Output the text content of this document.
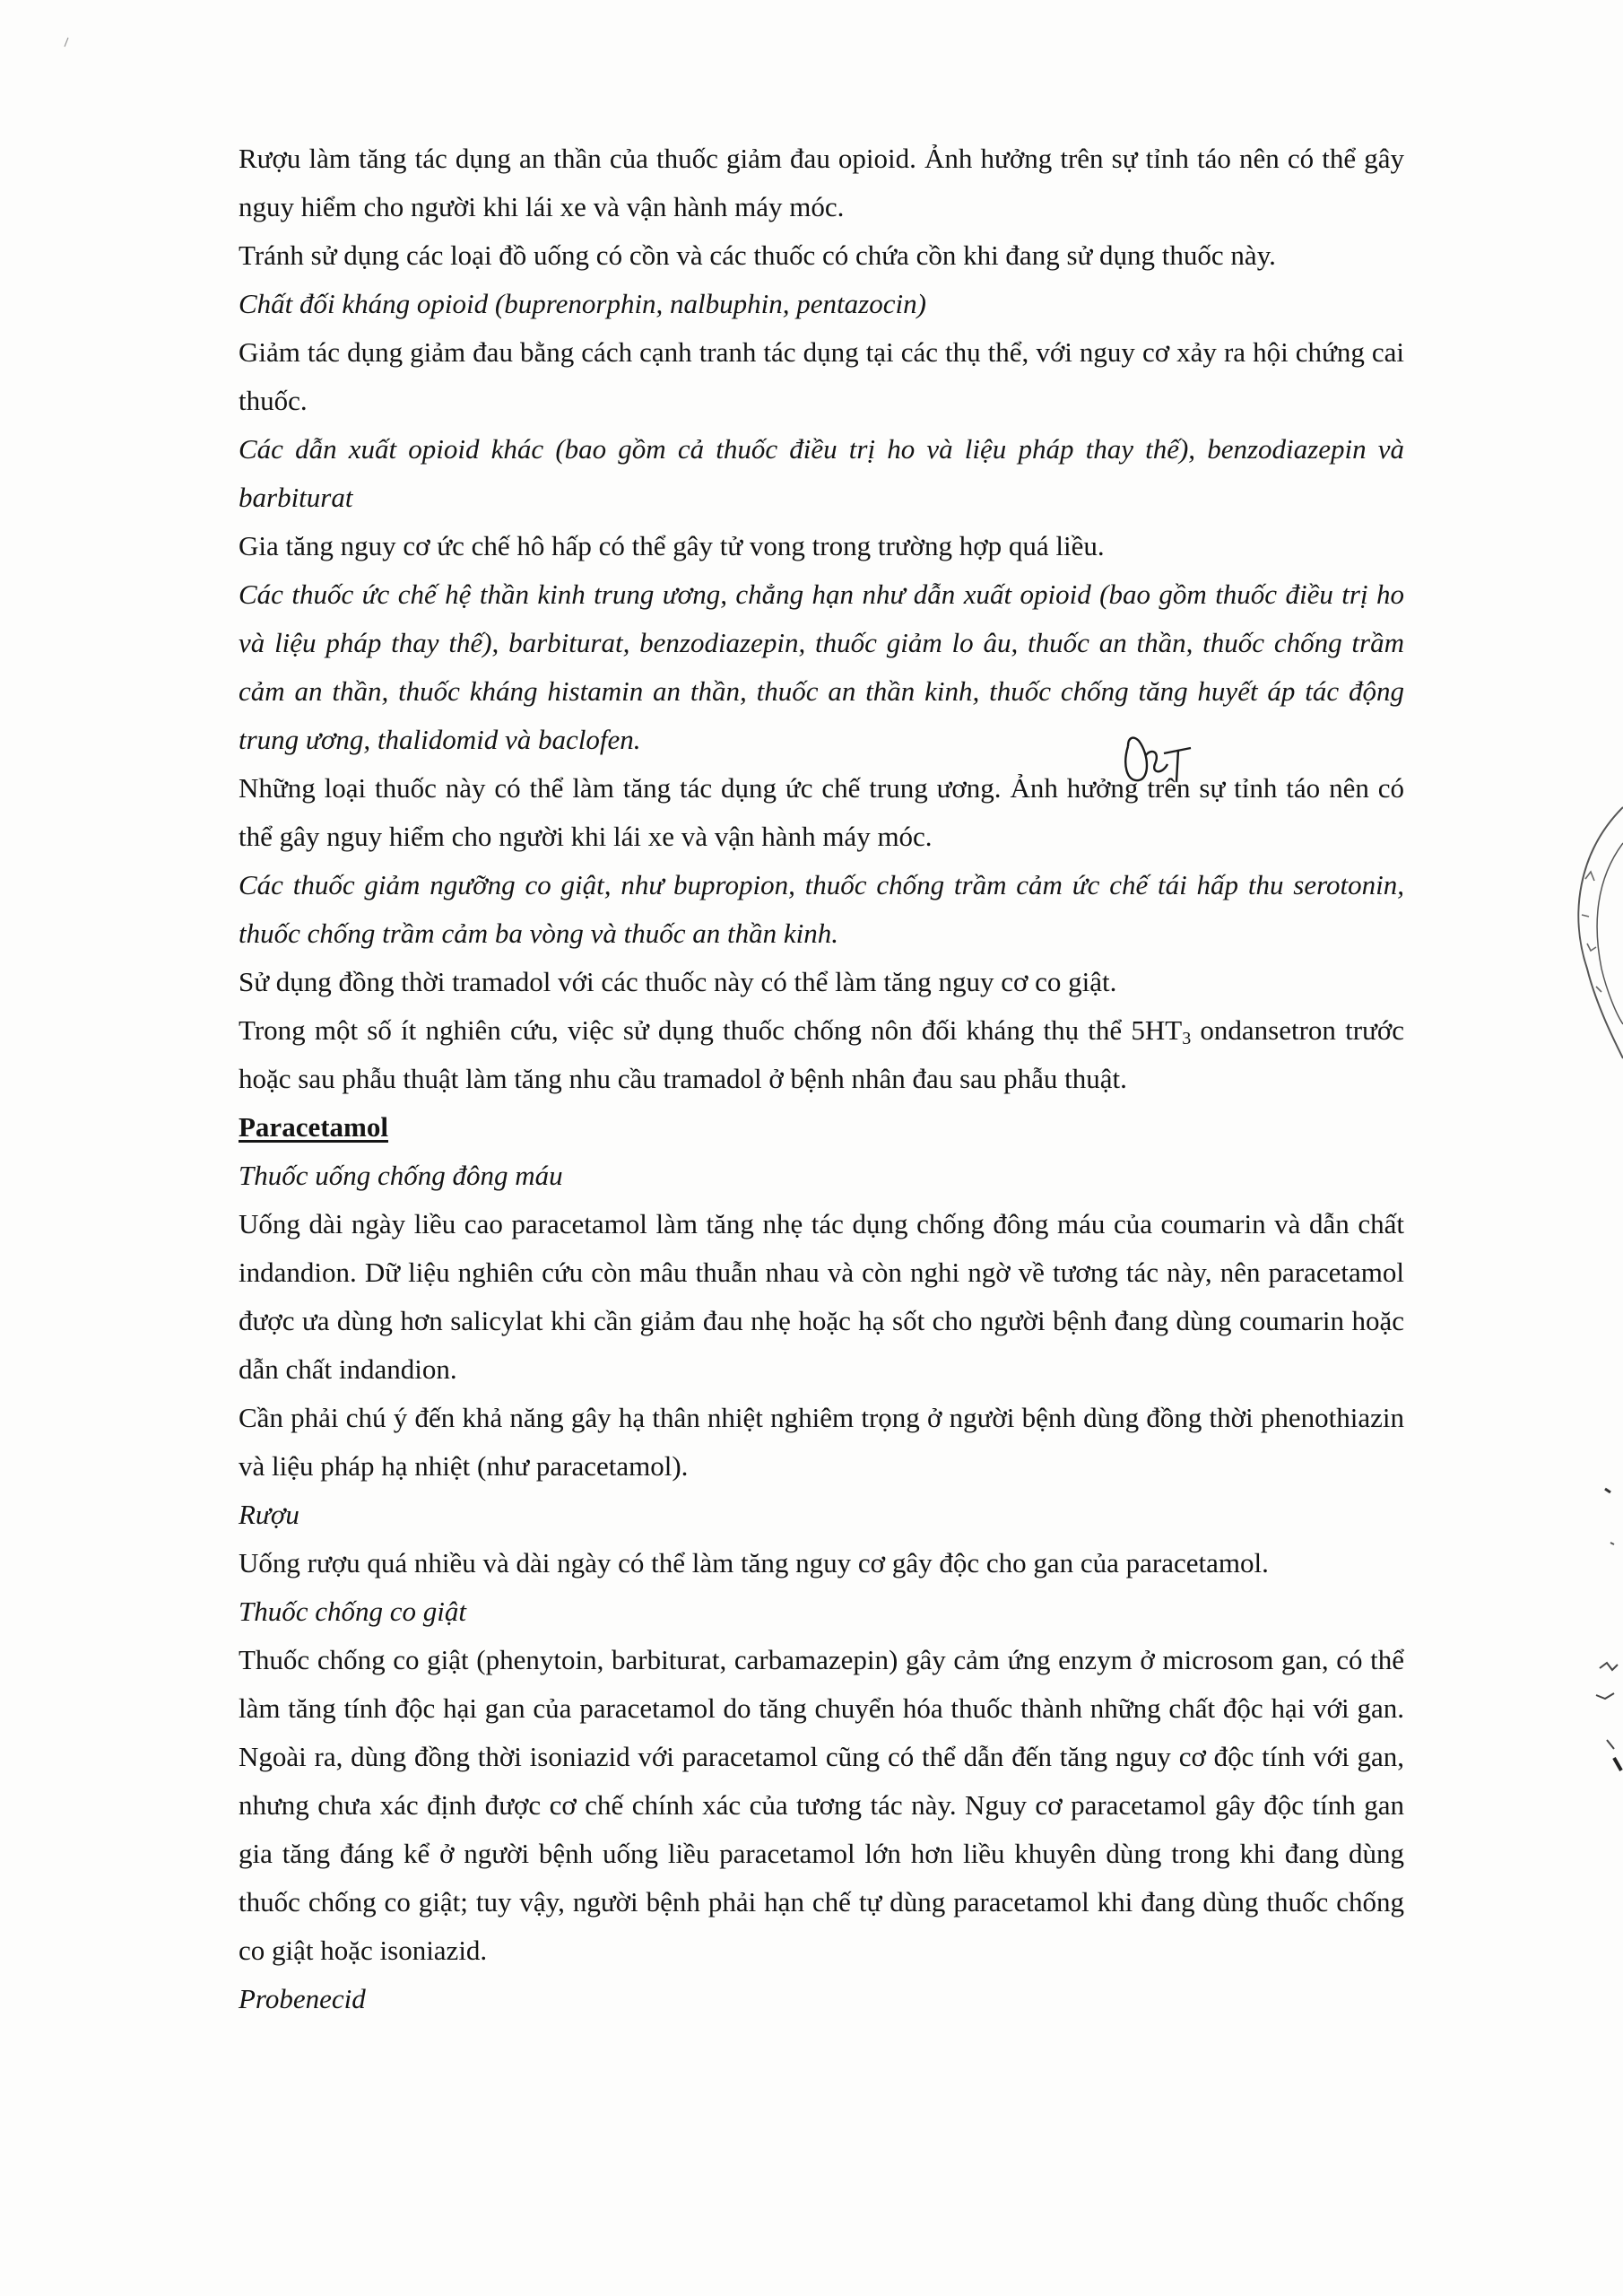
Rượu làm tăng tác dụng an thần của thuốc giảm đau opioid. Ảnh hưởng trên sự tỉnh táo nên có thể gây nguy hiểm cho người khi lái xe và vận hành máy móc.

Tránh sử dụng các loại đồ uống có cồn và các thuốc có chứa cồn khi đang sử dụng thuốc này.

Chất đối kháng opioid (buprenorphin, nalbuphin, pentazocin)

Giảm tác dụng giảm đau bằng cách cạnh tranh tác dụng tại các thụ thể, với nguy cơ xảy ra hội chứng cai thuốc.

Các dẫn xuất opioid khác (bao gồm cả thuốc điều trị ho và liệu pháp thay thế), benzodiazepin và barbiturat

Gia tăng nguy cơ ức chế hô hấp có thể gây tử vong trong trường hợp quá liều.

Các thuốc ức chế hệ thần kinh trung ương, chẳng hạn như dẫn xuất opioid (bao gồm thuốc điều trị ho và liệu pháp thay thế), barbiturat, benzodiazepin, thuốc giảm lo âu, thuốc an thần, thuốc chống trầm cảm an thần, thuốc kháng histamin an thần, thuốc an thần kinh, thuốc chống tăng huyết áp tác động trung ương, thalidomid và baclofen.

Những loại thuốc này có thể làm tăng tác dụng ức chế trung ương. Ảnh hưởng trên sự tỉnh táo nên có thể gây nguy hiểm cho người khi lái xe và vận hành máy móc.

Các thuốc giảm ngưỡng co giật, như bupropion, thuốc chống trầm cảm ức chế tái hấp thu serotonin, thuốc chống trầm cảm ba vòng và thuốc an thần kinh.

Sử dụng đồng thời tramadol với các thuốc này có thể làm tăng nguy cơ co giật.

Trong một số ít nghiên cứu, việc sử dụng thuốc chống nôn đối kháng thụ thể $5HT_3$ ondansetron trước hoặc sau phẫu thuật làm tăng nhu cầu tramadol ở bệnh nhân đau sau phẫu thuật.

Paracetamol

Thuốc uống chống đông máu

Uống dài ngày liều cao paracetamol làm tăng nhẹ tác dụng chống đông máu của coumarin và dẫn chất indandion. Dữ liệu nghiên cứu còn mâu thuẫn nhau và còn nghi ngờ về tương tác này, nên paracetamol được ưa dùng hơn salicylat khi cần giảm đau nhẹ hoặc hạ sốt cho người bệnh đang dùng coumarin hoặc dẫn chất indandion.

Cần phải chú ý đến khả năng gây hạ thân nhiệt nghiêm trọng ở người bệnh dùng đồng thời phenothiazin và liệu pháp hạ nhiệt (như paracetamol).

Rượu

Uống rượu quá nhiều và dài ngày có thể làm tăng nguy cơ gây độc cho gan của paracetamol.

Thuốc chống co giật

Thuốc chống co giật (phenytoin, barbiturat, carbamazepin) gây cảm ứng enzym ở microsom gan, có thể làm tăng tính độc hại gan của paracetamol do tăng chuyển hóa thuốc thành những chất độc hại với gan. Ngoài ra, dùng đồng thời isoniazid với paracetamol cũng có thể dẫn đến tăng nguy cơ độc tính với gan, nhưng chưa xác định được cơ chế chính xác của tương tác này. Nguy cơ paracetamol gây độc tính gan gia tăng đáng kể ở người bệnh uống liều paracetamol lớn hơn liều khuyên dùng trong khi đang dùng thuốc chống co giật; tuy vậy, người bệnh phải hạn chế tự dùng paracetamol khi đang dùng thuốc chống co giật hoặc isoniazid.

Probenecid
